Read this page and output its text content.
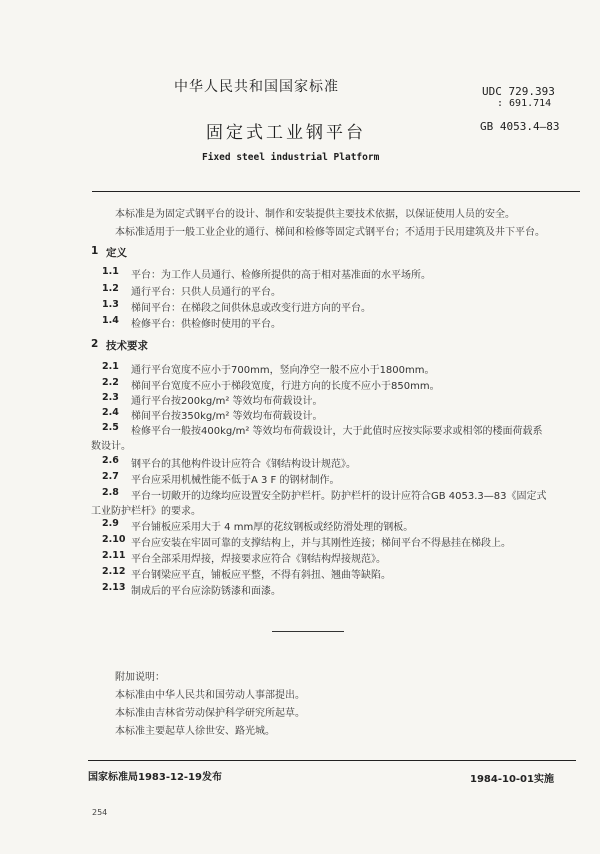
中华人民共和国国家标准	UDC 729.393
: 691.714
固定式工业钢平台	GB 4053.4—83
Fixed steel industrial Platform
本标准是为固定式钢平台的设计、制作和安装提供主要技术依据，以保证使用人员的安全。
本标准适用于一般工业企业的通行、梯间和检修等固定式钢平台；不适用于民用建筑及井下平台。
1 定义
1.1 平台：为工作人员通行、检修所提供的高于相对基准面的水平场所。
1.2 通行平台：只供人员通行的平台。
1.3 梯间平台：在梯段之间供休息或改变行进方向的平台。
1.4 检修平台：供检修时使用的平台。
2 技术要求
2.1 通行平台宽度不应小于700mm，竖向净空一般不应小于1800mm。
2.2 梯间平台宽度不应小于梯段宽度，行进方向的长度不应小于850mm。
2.3 通行平台按200kg/m² 等效均布荷载设计。
2.4 梯间平台按350kg/m² 等效均布荷载设计。
2.5 检修平台一般按400kg/m² 等效均布荷载设计，大于此值时应按实际要求或相邻的楼面荷载系
数设计。
2.6 钢平台的其他构件设计应符合《钢结构设计规范》。
2.7 平台应采用机械性能不低于A 3 F 的钢材制作。
2.8 平台一切敞开的边缘均应设置安全防护栏杆。防护栏杆的设计应符合GB 4053.3—83《固定式
工业防护栏杆》的要求。
2.9 平台铺板应采用大于 4 mm厚的花纹钢板或经防滑处理的钢板。
2.10 平台应安装在牢固可靠的支撑结构上，并与其刚性连接；梯间平台不得悬挂在梯段上。
2.11 平台全部采用焊接，焊接要求应符合《钢结构焊接规范》。
2.12 平台钢梁应平直，铺板应平整，不得有斜扭、翘曲等缺陷。
2.13 制成后的平台应涂防锈漆和面漆。
附加说明：
本标准由中华人民共和国劳动人事部提出。
本标准由吉林省劳动保护科学研究所起草。
本标准主要起草人徐世安、路光城。
国家标准局1983-12-19发布	1984-10-01实施
254
